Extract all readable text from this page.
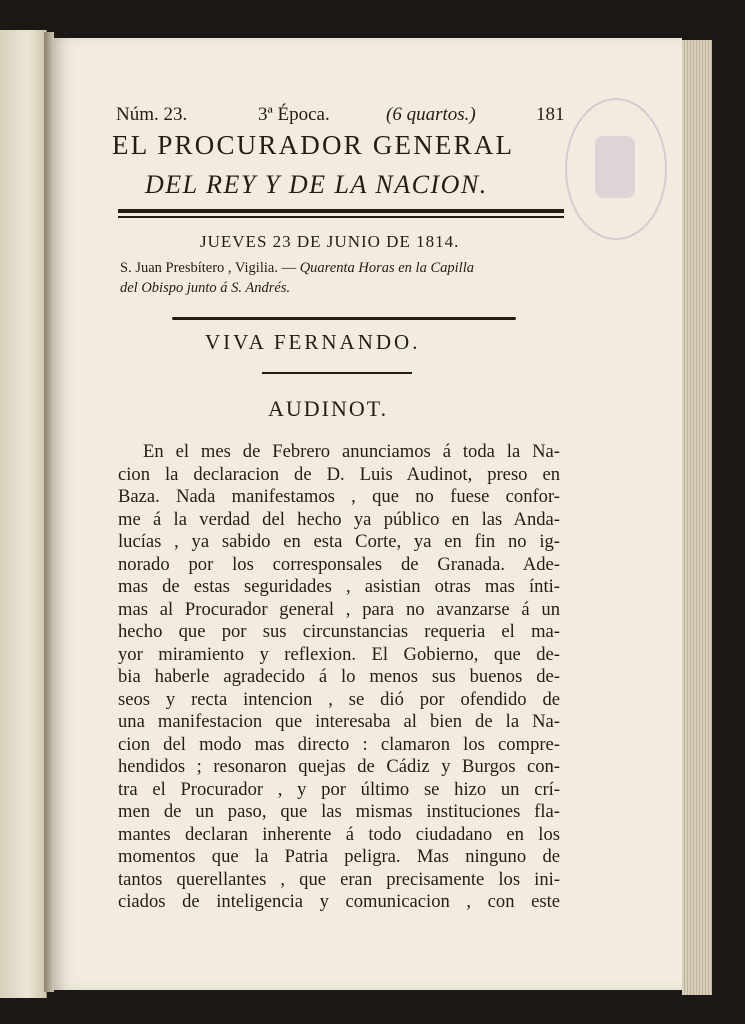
Núm. 23.	3ª Época.	(6 quartos.)	181
EL PROCURADOR GENERAL
DEL REY Y DE LA NACION.
JUEVES 23 DE JUNIO DE 1814.
S. Juan Presbítero , Vigilia. — Quarenta Horas en la Capilla
del Obispo junto á S. Andrés.
VIVA FERNANDO.
AUDINOT.
En el mes de Febrero anunciamos á toda la Na-
cion la declaracion de D. Luis Audinot, preso en
Baza. Nada manifestamos , que no fuese confor-
me á la verdad del hecho ya público en las Anda-
lucías , ya sabido en esta Corte, ya en fin no ig-
norado por los corresponsales de Granada. Ade-
mas de estas seguridades , asistian otras mas ínti-
mas al Procurador general , para no avanzarse á un
hecho que por sus circunstancias requeria el ma-
yor miramiento y reflexion. El Gobierno, que de-
bia haberle agradecido á lo menos sus buenos de-
seos y recta intencion , se dió por ofendido de
una manifestacion que interesaba al bien de la Na-
cion del modo mas directo : clamaron los compre-
hendidos ; resonaron quejas de Cádiz y Burgos con-
tra el Procurador , y por último se hizo un crí-
men de un paso, que las mismas instituciones fla-
mantes declaran inherente á todo ciudadano en los
momentos que la Patria peligra. Mas ninguno de
tantos querellantes , que eran precisamente los ini-
ciados de inteligencia y comunicacion , con este
